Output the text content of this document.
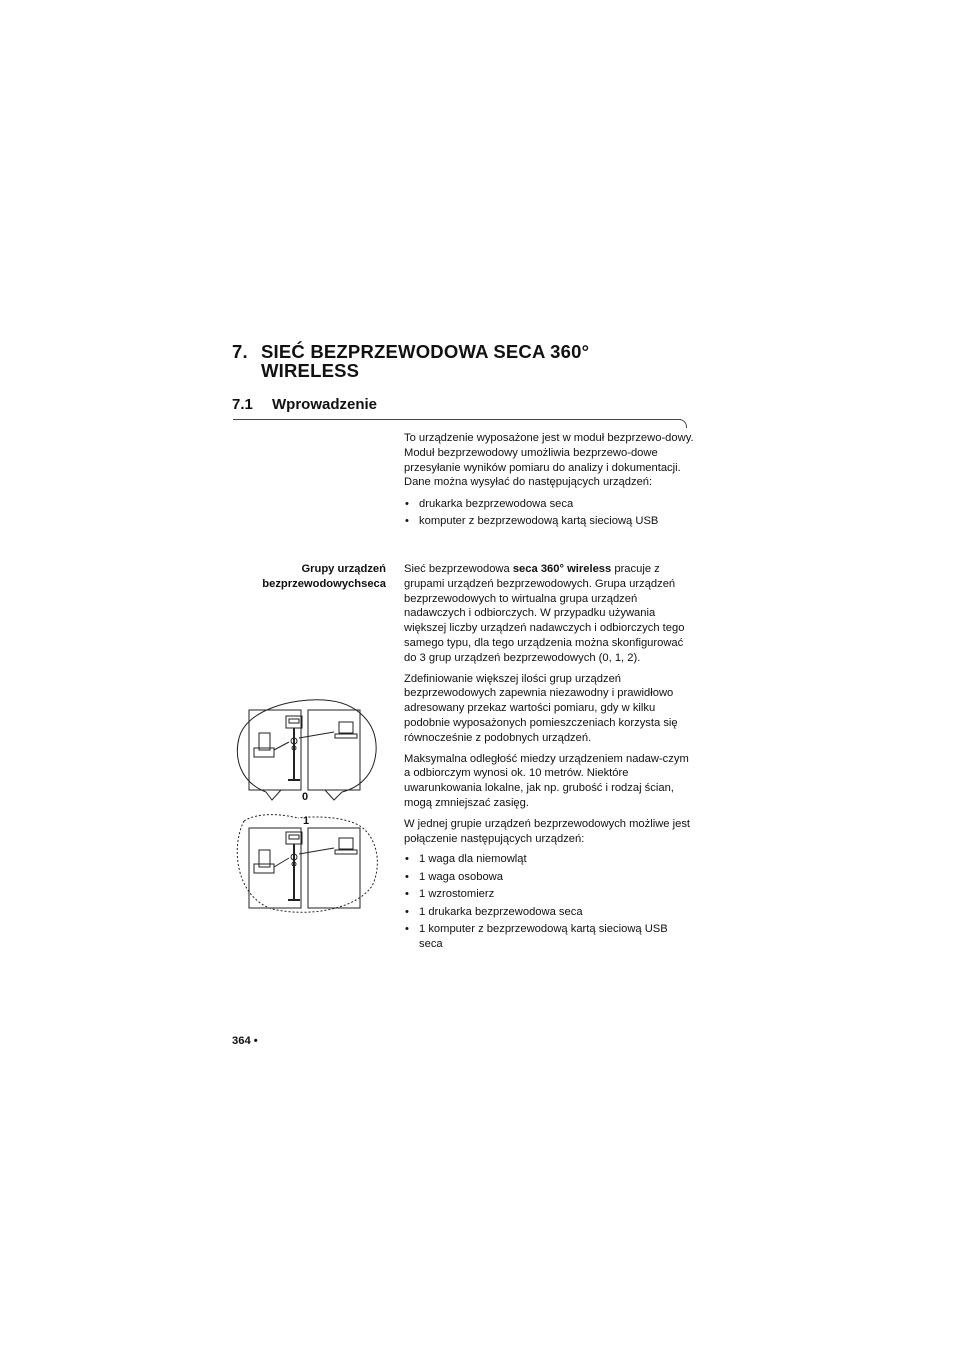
7. SIEĆ BEZPRZEWODOWA SECA 360° WIRELESS
7.1 Wprowadzenie

To urządzenie wyposażone jest w moduł bezprzewo-dowy. Moduł bezprzewodowy umożliwia bezprzewo-dowe przesyłanie wyników pomiaru do analizy i dokumentacji. Dane można wysyłać do następujących urządzeń:

• drukarka bezprzewodowa seca
• komputer z bezprzewodową kartą sieciową USB
Grupy urządzeń
bezprzewodowychseca

Sieć bezprzewodowa seca 360° wireless pracuje z grupami urządzeń bezprzewodowych. Grupa urządzeń bezprzewodowych to wirtualna grupa urządzeń nadawczych i odbiorczych. W przypadku używania większej liczby urządzeń nadawczych i odbiorczych tego samego typu, dla tego urządzenia można skonfigurować do 3 grup urządzeń bezprzewodowych (0, 1, 2).

Zdefiniowanie większej ilości grup urządzeń bezprzewodowych zapewnia niezawodny i prawidłowo adresowany przekaz wartości pomiaru, gdy w kilku podobnie wyposażonych pomieszczeniach korzysta się równocześnie z podobnych urządzeń.

Maksymalna odległość miedzy urządzeniem nadaw-czym a odbiorczym wynosi ok. 10 metrów. Niektóre uwarunkowania lokalne, jak np. grubość i rodzaj ścian, mogą zmniejszać zasięg.

W jednej grupie urządzeń bezprzewodowych możliwe jest połączenie następujących urządzeń:

• 1 waga dla niemowląt
• 1 waga osobowa
• 1 wzrostomierz
• 1 drukarka bezprzewodowa seca
• 1 komputer z bezprzewodową kartą sieciową USB seca
0
1
364 •
